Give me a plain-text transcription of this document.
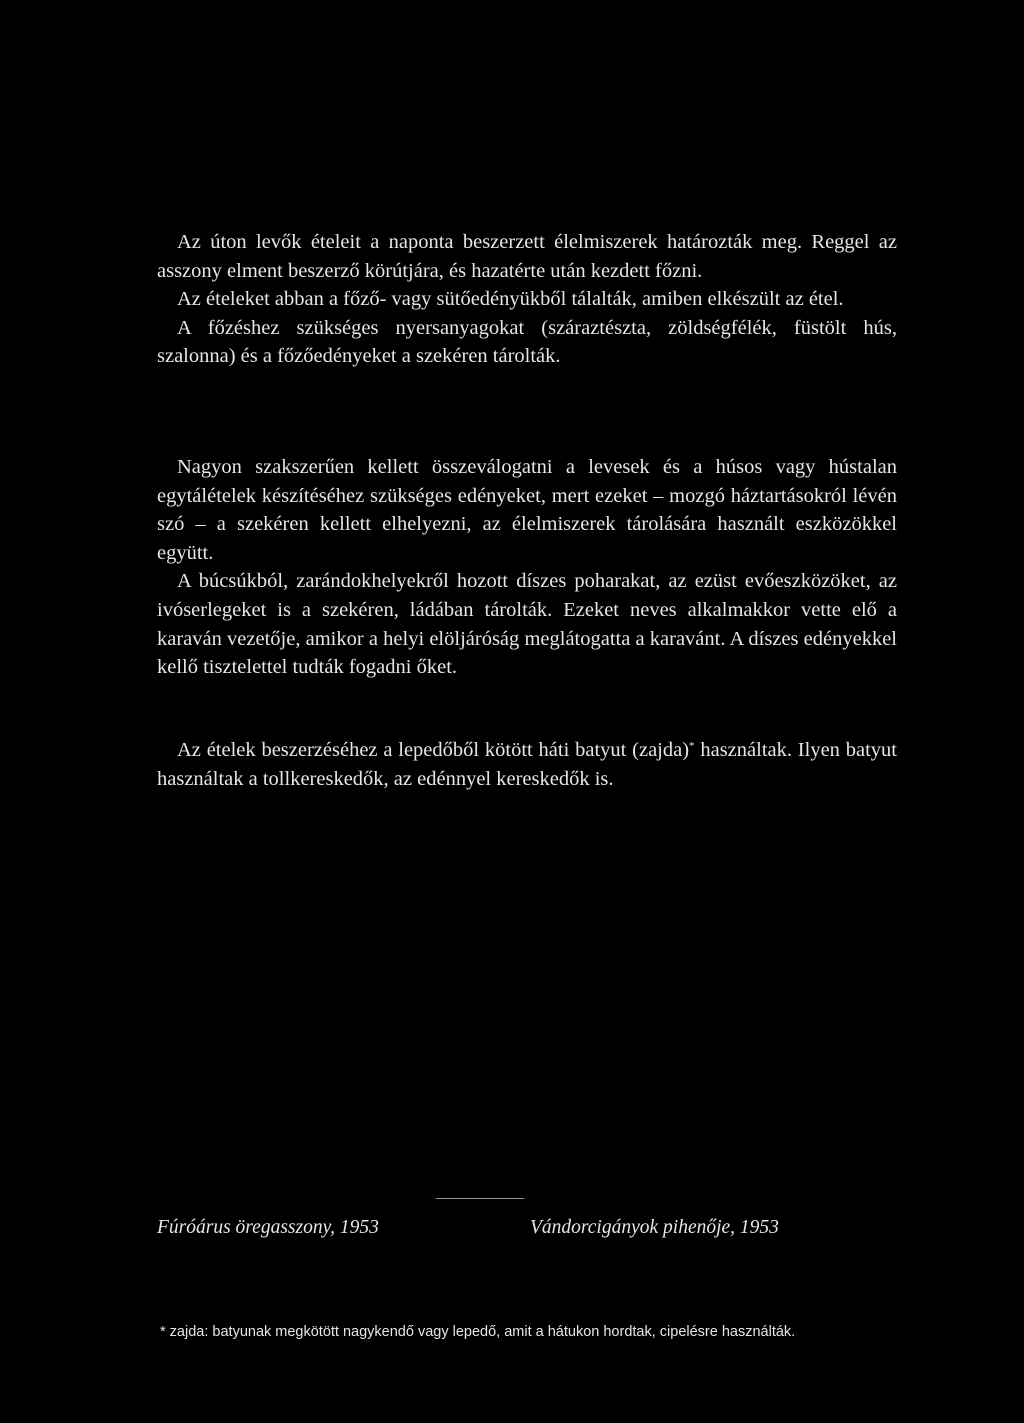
Az úton levők ételeit a naponta beszerzett élelmiszerek határozták meg. Reggel az asszony elment beszerző körútjára, és hazatérte után kezdett főzni.

Az ételeket abban a főző- vagy sütőedényükből tálalták, amiben elkészült az étel.

A főzéshez szükséges nyersanyagokat (száraztészta, zöldségfélék, füstölt hús, szalonna) és a főzőedényeket a szekéren tárolták.

Nagyon szakszerűen kellett összeválogatni a levesek és a húsos vagy hústalan egytálételek készítéséhez szükséges edényeket, mert ezeket – mozgó háztartásokról lévén szó – a szekéren kellett elhelyezni, az élelmiszerek tárolására használt eszközökkel együtt.

A búcsúkból, zarándokhelyekről hozott díszes poharakat, az ezüst evőeszközöket, az ivóserlegeket is a szekéren, ládában tárolták. Ezeket neves alkalmakkor vette elő a karaván vezetője, amikor a helyi elöljáróság meglátogatta a karavánt. A díszes edényekkel kellő tisztelettel tudták fogadni őket.

Az ételek beszerzéséhez a lepedőből kötött háti batyut (zajda)* használtak. Ilyen batyut használtak a tollkereskedők, az edénnyel kereskedők is.

Fúróárus öregasszony, 1953	Vándorcigányok pihenője, 1953
* zajda: batyunak megkötött nagykendő vagy lepedő, amit a hátukon hordtak, cipelésre használták.
